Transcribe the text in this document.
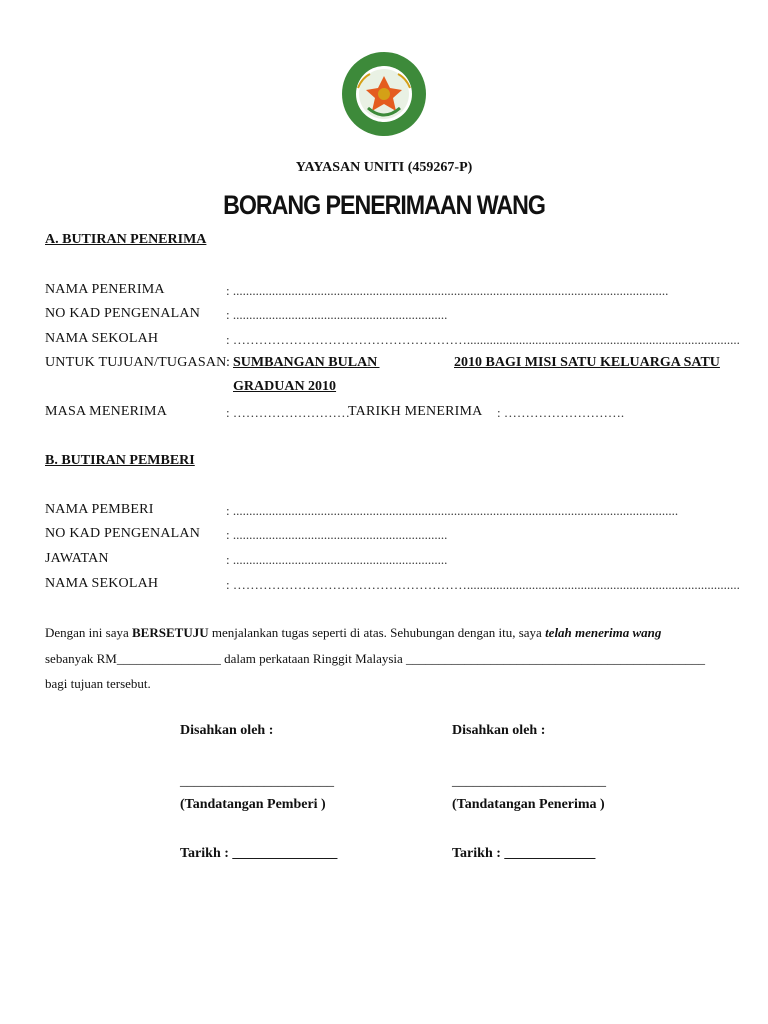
YAYASAN UNITI (459267-P)
BORANG PENERIMAAN WANG
A. BUTIRAN PENERIMA
NAMA PENERIMA	: ......................................................................................................................................
NO KAD PENGENALAN : ..................................................................
NAMA SEKOLAH	: ………………………………………………....................................................................................
UNTUK TUJUAN/TUGASAN : SUMBANGAN BULAN
	2010 BAGI MISI SATU KELUARGA SATU
GRADUAN 2010
MASA MENERIMA	: ………………………
TARIKH MENERIMA : ……………………….
B. BUTIRAN PEMBERI
NAMA PEMBERI	: .........................................................................................................................................
NO KAD PENGENALAN : ..................................................................
JAWATAN	: ..................................................................
NAMA SEKOLAH	: ………………………………………………....................................................................................
Dengan ini saya BERSETUJU menjalankan tugas seperti di atas. Sehubungan dengan itu, saya telah menerima wang
sebanyak RM________________ dalam perkataan Ringgit Malaysia ______________________________________________
bagi tujuan tersebut.
Disahkan oleh :
______________________
(Tandatangan Pemberi )
Tarikh : _______________
Disahkan oleh :
______________________
(Tandatangan Penerima )
Tarikh : _____________
